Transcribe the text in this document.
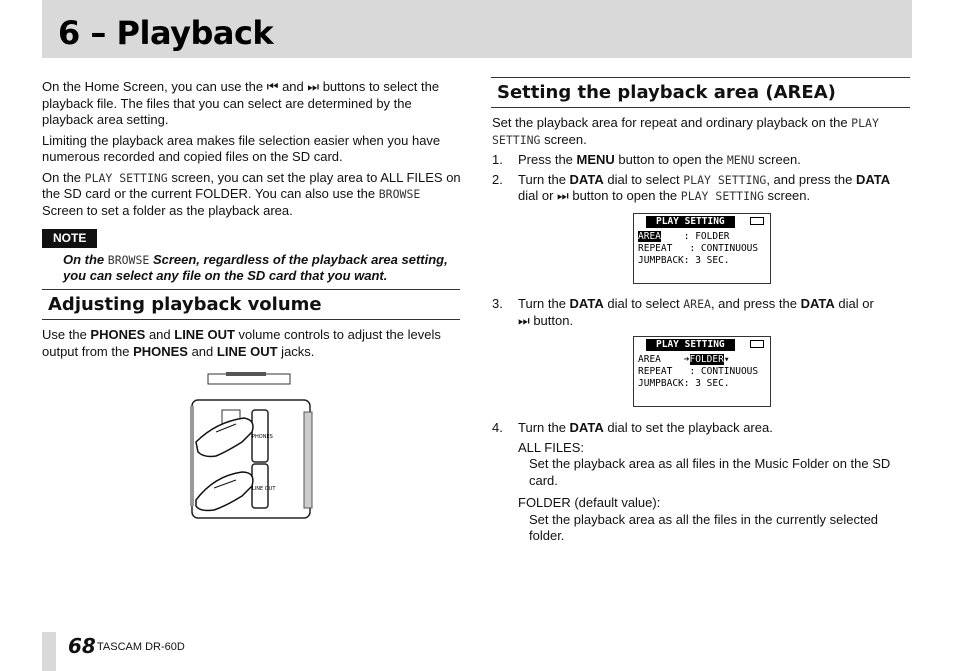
6 – Playback

On the Home Screen, you can use the ⏮ and ⏭ buttons to select the playback file. The files that you can select are determined by the playback area setting.

Limiting the playback area makes file selection easier when you have numerous recorded and copied files on the SD card.

On the PLAY SETTING screen, you can set the play area to ALL FILES on the SD card or the current FOLDER. You can also use the BROWSE Screen to set a folder as the playback area.

NOTE

On the BROWSE Screen, regardless of the playback area setting, you can select any file on the SD card that you want.

Adjusting playback volume

Use the PHONES and LINE OUT volume controls to adjust the levels output from the PHONES and LINE OUT jacks.

PHONES
LINE OUT
Setting the playback area (AREA)

Set the playback area for repeat and ordinary playback on the PLAY SETTING screen.

1. Press the MENU button to open the MENU screen.
2. Turn the DATA dial to select PLAY SETTING, and press the DATA dial or ⏭ button to open the PLAY SETTING screen.
PLAY SETTING
AREA    : FOLDER
REPEAT   : CONTINUOUS
JUMPBACK: 3 SEC.
3. Turn the DATA dial to select AREA, and press the DATA dial or
⏭ button.
PLAY SETTING
AREA    ➔FOLDER▾
REPEAT   : CONTINUOUS
JUMPBACK: 3 SEC.
4. Turn the DATA dial to set the playback area.

ALL FILES:

Set the playback area as all files in the Music Folder on the SD card.

FOLDER (default value):

Set the playback area as all the files in the currently selected folder.

68 TASCAM DR-60D
